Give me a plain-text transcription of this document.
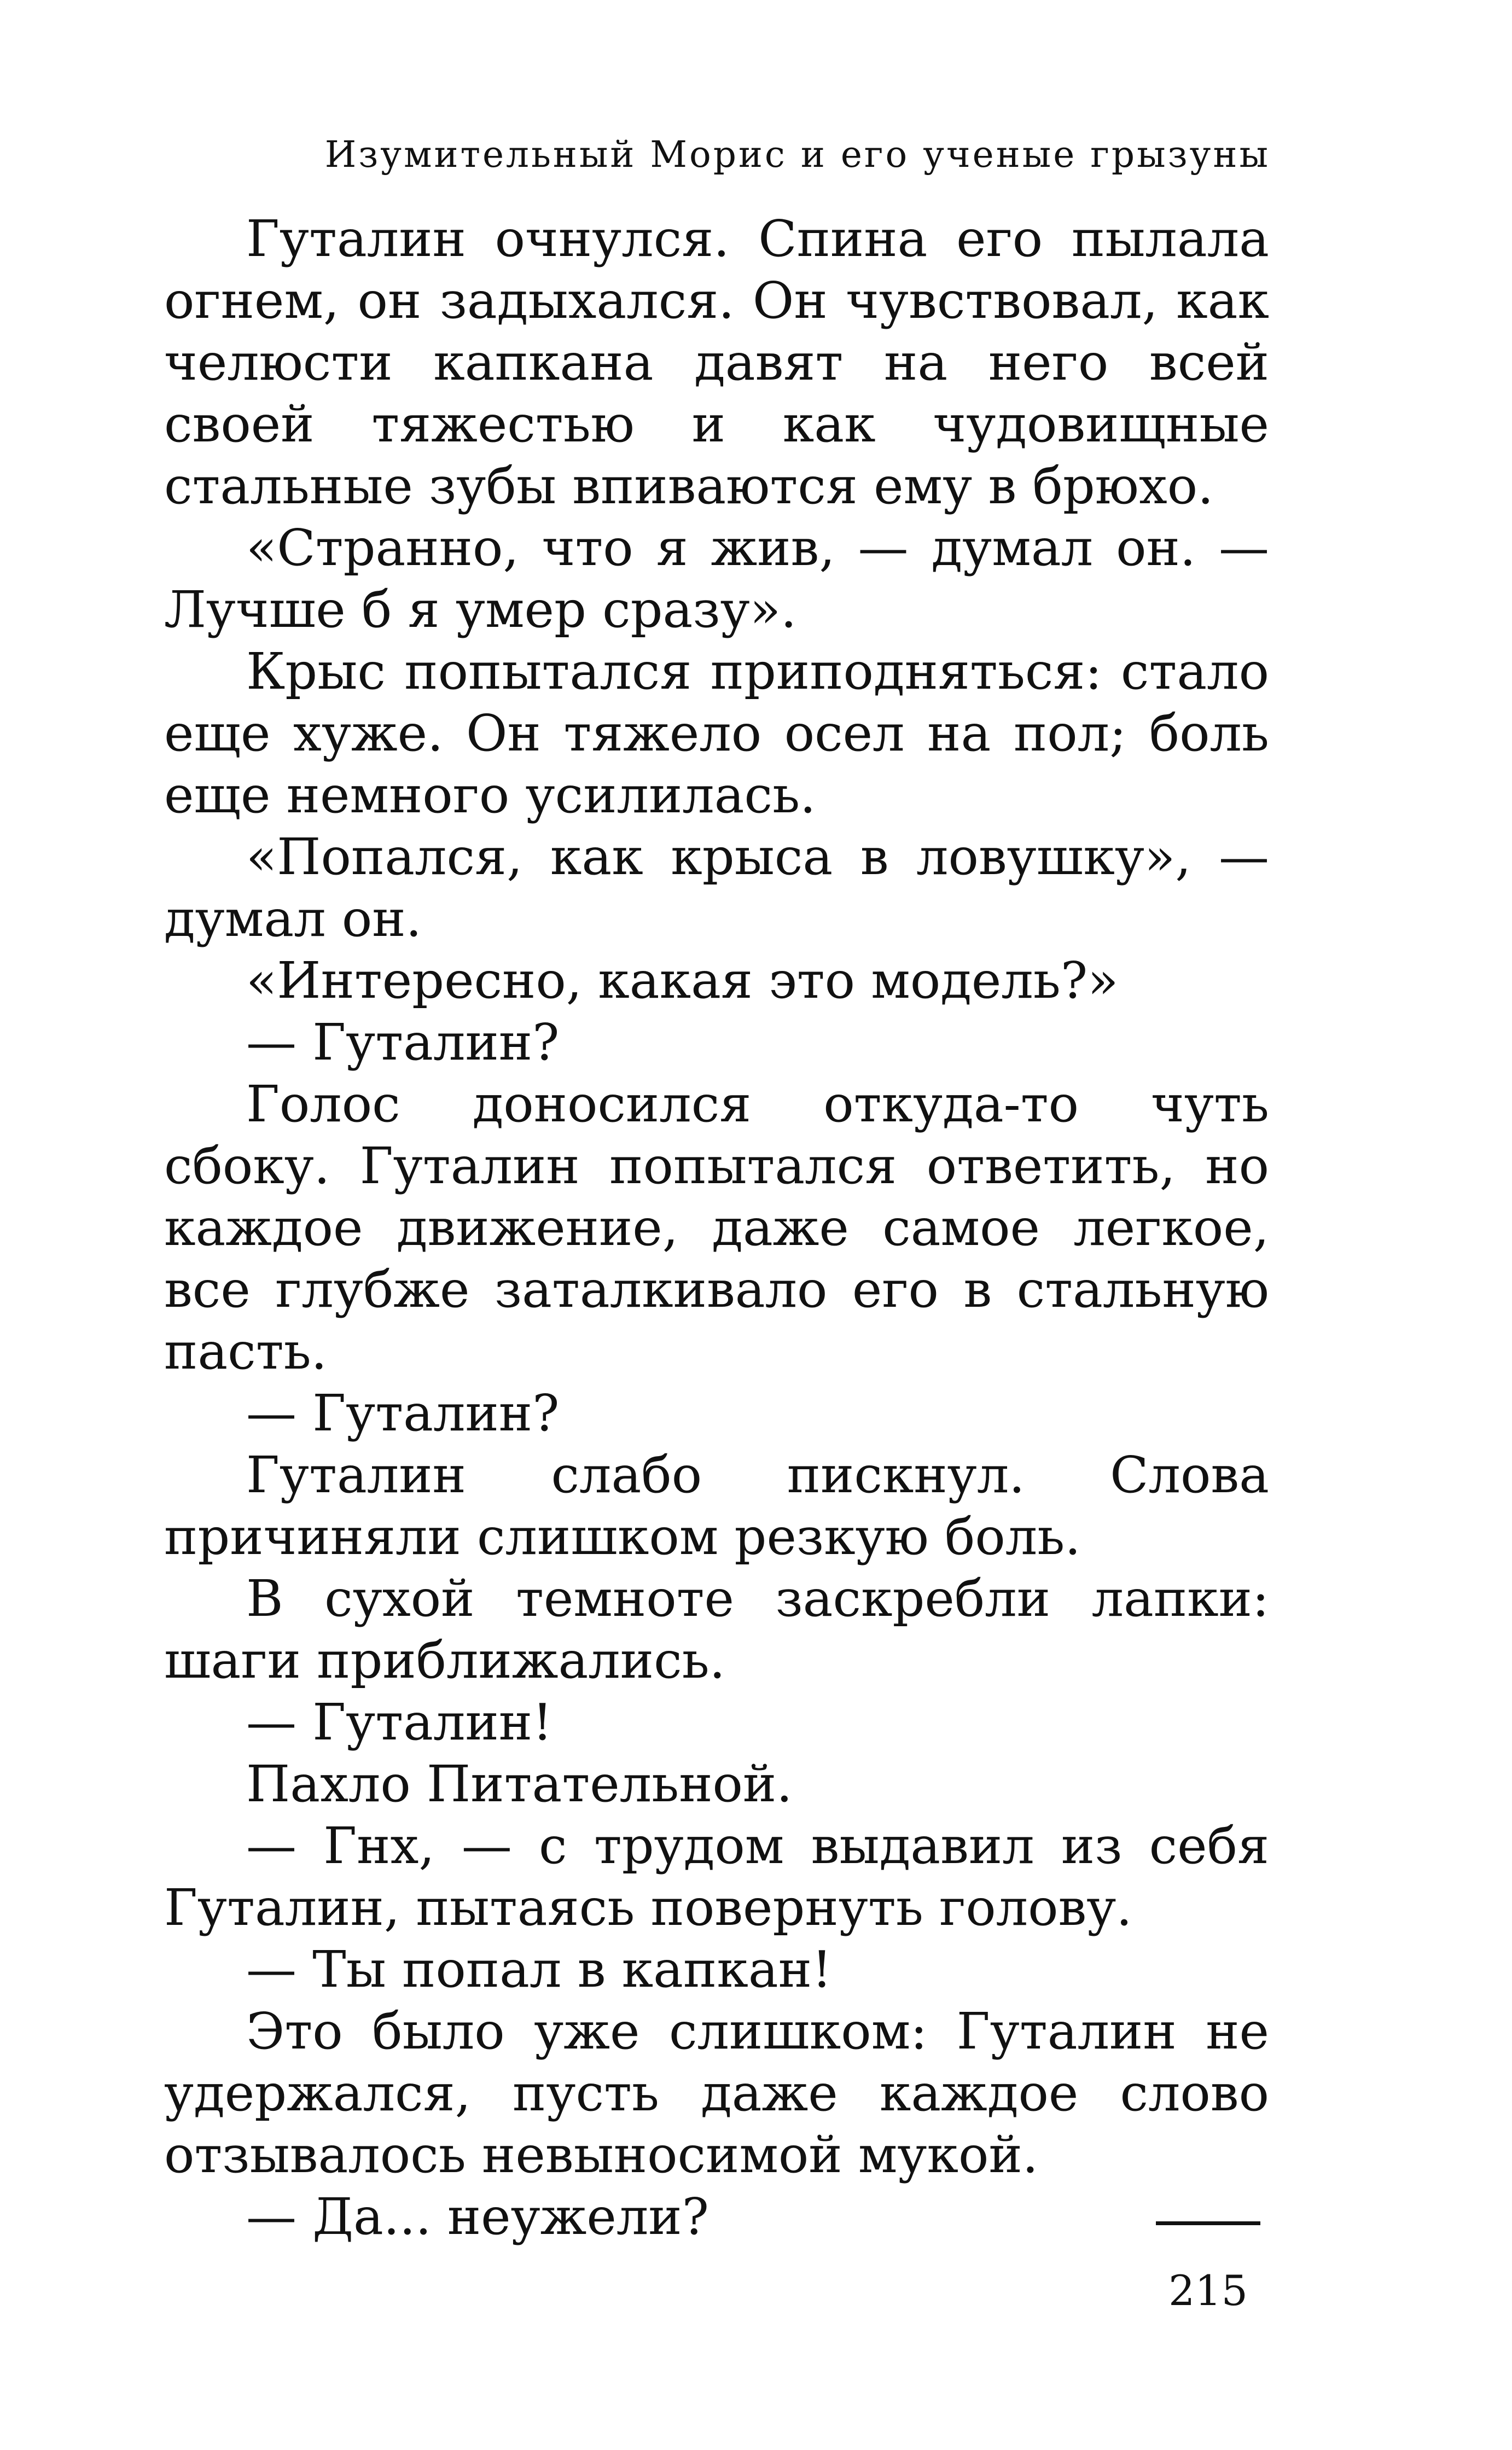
Изумительный Морис и его ученые грызуны

Гуталин очнулся. Спина его пылала огнем, он задыхался. Он чувствовал, как челюсти капкана давят на него всей своей тяжестью и как чудовищные стальные зубы впиваются ему в брюхо.

«Странно, что я жив, — думал он. — Лучше б я умер сразу».

Крыс попытался приподняться: стало еще хуже. Он тяжело осел на пол; боль еще немного усилилась.

«Попался, как крыса в ловушку», — думал он.

«Интересно, какая это модель?»

— Гуталин?

Голос доносился откуда-то чуть сбоку. Гуталин попытался ответить, но каждое движение, даже самое легкое, все глубже заталкивало его в стальную пасть.

— Гуталин?

Гуталин слабо пискнул. Слова причиняли слишком резкую боль.

В сухой темноте заскребли лапки: шаги приближались.

— Гуталин!

Пахло Питательной.

— Гнх, — с трудом выдавил из себя Гуталин, пытаясь повернуть голову.

— Ты попал в капкан!

Это было уже слишком: Гуталин не удержался, пусть даже каждое слово отзывалось невыносимой мукой.

— Да... неужели?

215
